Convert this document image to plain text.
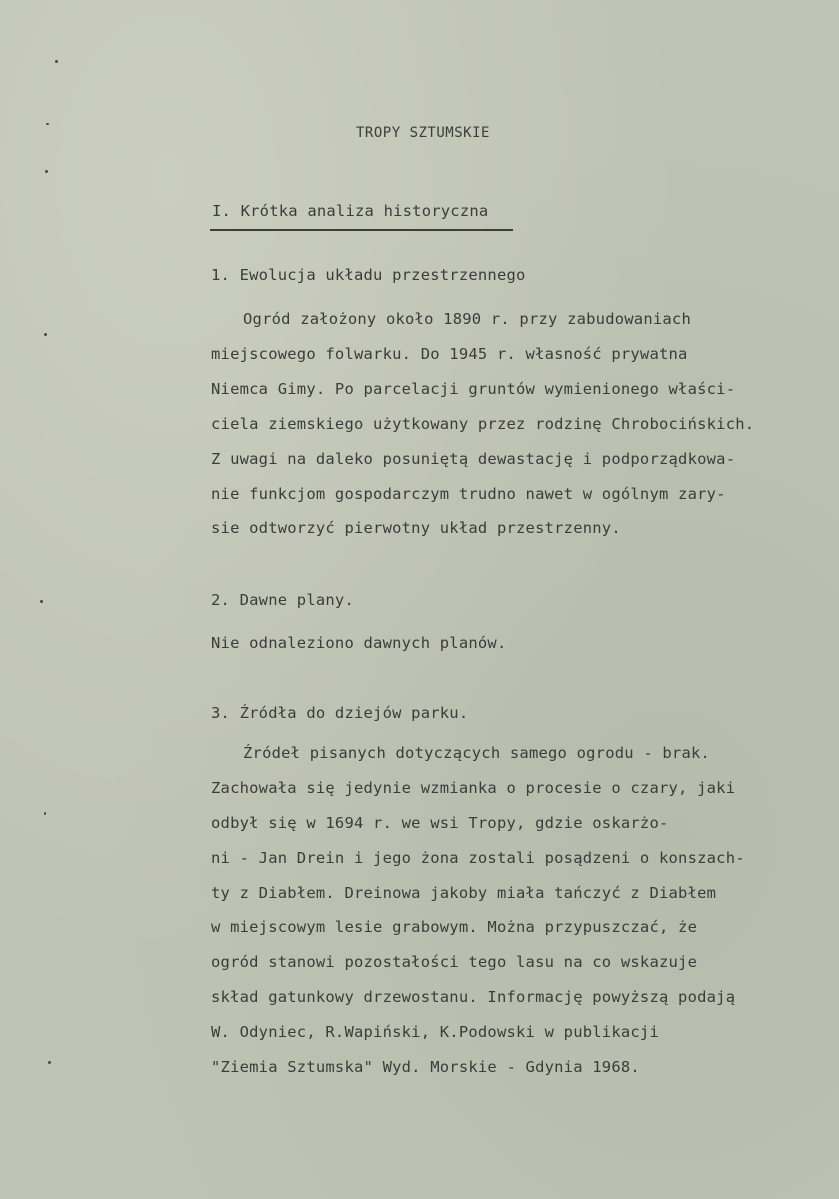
TROPY SZTUMSKIE
I. Krótka analiza historyczna
1. Ewolucja układu przestrzennego
Ogród założony około 1890 r. przy zabudowaniach
miejscowego folwarku. Do 1945 r. własność prywatna
Niemca Gimy. Po parcelacji gruntów wymienionego właści-
ciela ziemskiego użytkowany przez rodzinę Chrobocińskich.
Z uwagi na daleko posuniętą dewastację i podporządkowa-
nie funkcjom gospodarczym trudno nawet w ogólnym zary-
sie odtworzyć pierwotny układ przestrzenny.
2. Dawne plany.
Nie odnaleziono dawnych planów.
3. Źródła do dziejów parku.
Źródeł pisanych dotyczących samego ogrodu - brak.
Zachowała się jedynie wzmianka o procesie o czary, jaki
odbył się w 1694 r. we wsi Tropy, gdzie oskarżo-
ni - Jan Drein i jego żona zostali posądzeni o konszach-
ty z Diabłem. Dreinowa jakoby miała tańczyć z Diabłem
w miejscowym lesie grabowym. Można przypuszczać, że
ogród stanowi pozostałości tego lasu na co wskazuje
skład gatunkowy drzewostanu. Informację powyższą podają
W. Odyniec, R.Wapiński, K.Podowski w publikacji
"Ziemia Sztumska" Wyd. Morskie - Gdynia 1968.
